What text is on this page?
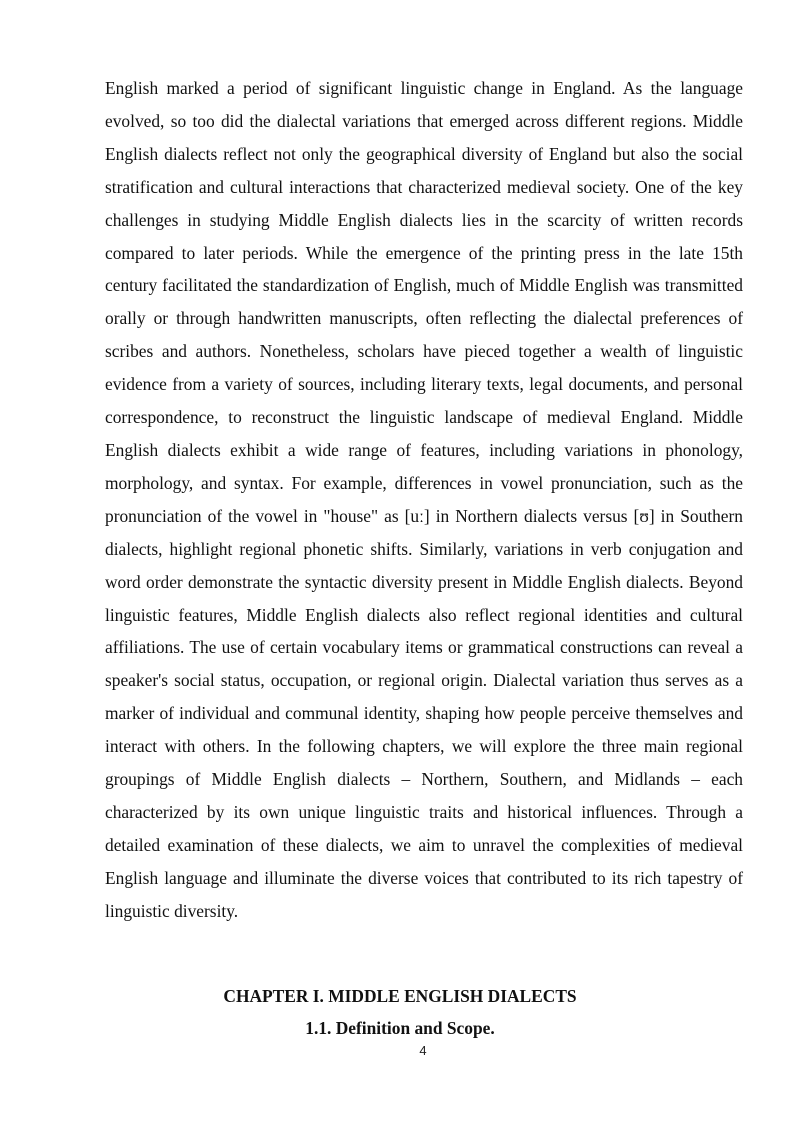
English marked a period of significant linguistic change in England. As the language evolved, so too did the dialectal variations that emerged across different regions. Middle English dialects reflect not only the geographical diversity of England but also the social stratification and cultural interactions that characterized medieval society. One of the key challenges in studying Middle English dialects lies in the scarcity of written records compared to later periods. While the emergence of the printing press in the late 15th century facilitated the standardization of English, much of Middle English was transmitted orally or through handwritten manuscripts, often reflecting the dialectal preferences of scribes and authors. Nonetheless, scholars have pieced together a wealth of linguistic evidence from a variety of sources, including literary texts, legal documents, and personal correspondence, to reconstruct the linguistic landscape of medieval England. Middle English dialects exhibit a wide range of features, including variations in phonology, morphology, and syntax. For example, differences in vowel pronunciation, such as the pronunciation of the vowel in "house" as [uː] in Northern dialects versus [ʊ] in Southern dialects, highlight regional phonetic shifts. Similarly, variations in verb conjugation and word order demonstrate the syntactic diversity present in Middle English dialects. Beyond linguistic features, Middle English dialects also reflect regional identities and cultural affiliations. The use of certain vocabulary items or grammatical constructions can reveal a speaker's social status, occupation, or regional origin. Dialectal variation thus serves as a marker of individual and communal identity, shaping how people perceive themselves and interact with others. In the following chapters, we will explore the three main regional groupings of Middle English dialects – Northern, Southern, and Midlands – each characterized by its own unique linguistic traits and historical influences. Through a detailed examination of these dialects, we aim to unravel the complexities of medieval English language and illuminate the diverse voices that contributed to its rich tapestry of linguistic diversity.

CHAPTER I. MIDDLE ENGLISH DIALECTS
1.1. Definition and Scope.
4
